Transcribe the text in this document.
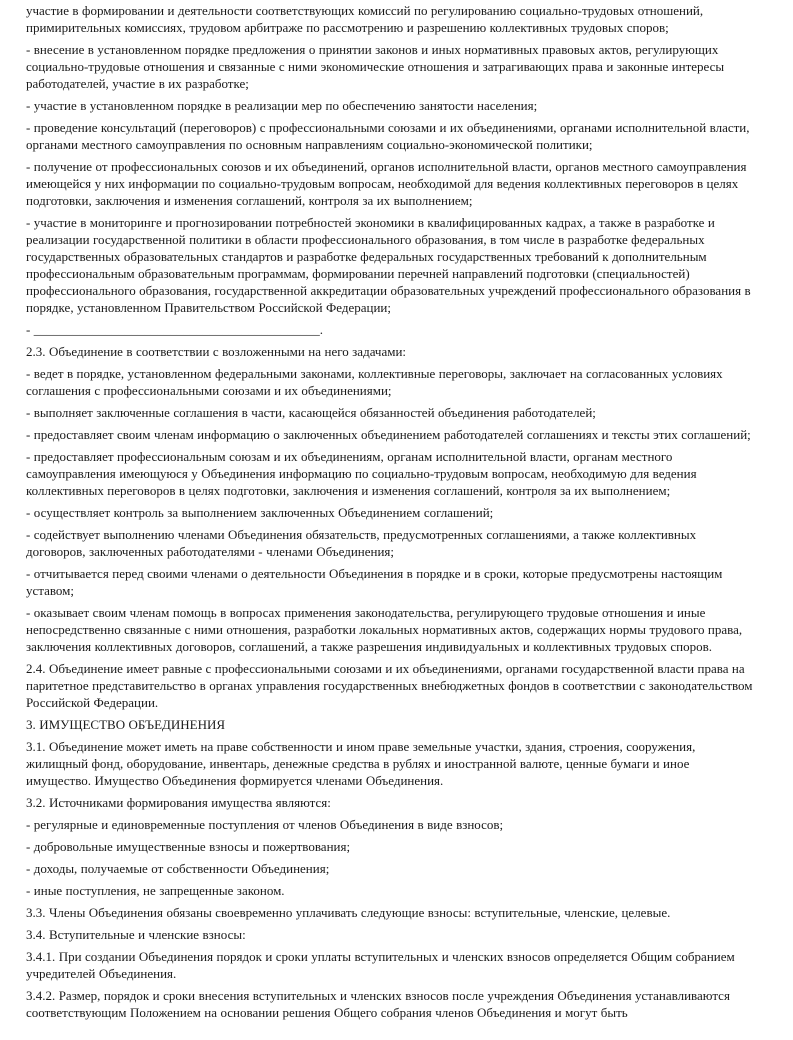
участие в формировании и деятельности соответствующих комиссий по регулированию социально-трудовых отношений, примирительных комиссиях, трудовом арбитраже по рассмотрению и разрешению коллективных трудовых споров;

- внесение в установленном порядке предложения о принятии законов и иных нормативных правовых актов, регулирующих социально-трудовые отношения и связанные с ними экономические отношения и затрагивающих права и законные интересы работодателей, участие в их разработке;

- участие в установленном порядке в реализации мер по обеспечению занятости населения;

- проведение консультаций (переговоров) с профессиональными союзами и их объединениями, органами исполнительной власти, органами местного самоуправления по основным направлениям социально-экономической политики;

- получение от профессиональных союзов и их объединений, органов исполнительной власти, органов местного самоуправления имеющейся у них информации по социально-трудовым вопросам, необходимой для ведения коллективных переговоров в целях подготовки, заключения и изменения соглашений, контроля за их выполнением;

- участие в мониторинге и прогнозировании потребностей экономики в квалифицированных кадрах, а также в разработке и реализации государственной политики в области профессионального образования, в том числе в разработке федеральных государственных образовательных стандартов и разработке федеральных государственных требований к дополнительным профессиональным образовательным программам, формировании перечней направлений подготовки (специальностей) профессионального образования, государственной аккредитации образовательных учреждений профессионального образования в порядке, установленном Правительством Российской Федерации;

- ____________________________________________.

2.3. Объединение в соответствии с возложенными на него задачами:

- ведет в порядке, установленном федеральными законами, коллективные переговоры, заключает на согласованных условиях соглашения с профессиональными союзами и их объединениями;

- выполняет заключенные соглашения в части, касающейся обязанностей объединения работодателей;

- предоставляет своим членам информацию о заключенных объединением работодателей соглашениях и тексты этих соглашений;

- предоставляет профессиональным союзам и их объединениям, органам исполнительной власти, органам местного самоуправления имеющуюся у Объединения информацию по социально-трудовым вопросам, необходимую для ведения коллективных переговоров в целях подготовки, заключения и изменения соглашений, контроля за их выполнением;

- осуществляет контроль за выполнением заключенных Объединением соглашений;

- содействует выполнению членами Объединения обязательств, предусмотренных соглашениями, а также коллективных договоров, заключенных работодателями - членами Объединения;

- отчитывается перед своими членами о деятельности Объединения в порядке и в сроки, которые предусмотрены настоящим уставом;

- оказывает своим членам помощь в вопросах применения законодательства, регулирующего трудовые отношения и иные непосредственно связанные с ними отношения, разработки локальных нормативных актов, содержащих нормы трудового права, заключения коллективных договоров, соглашений, а также разрешения индивидуальных и коллективных трудовых споров.

2.4. Объединение имеет равные с профессиональными союзами и их объединениями, органами государственной власти права на паритетное представительство в органах управления государственных внебюджетных фондов в соответствии с законодательством Российской Федерации.

3. ИМУЩЕСТВО ОБЪЕДИНЕНИЯ

3.1. Объединение может иметь на праве собственности и ином праве земельные участки, здания, строения, сооружения, жилищный фонд, оборудование, инвентарь, денежные средства в рублях и иностранной валюте, ценные бумаги и иное имущество. Имущество Объединения формируется членами Объединения.

3.2. Источниками формирования имущества являются:

- регулярные и единовременные поступления от членов Объединения в виде взносов;

- добровольные имущественные взносы и пожертвования;

- доходы, получаемые от собственности Объединения;

- иные поступления, не запрещенные законом.

3.3. Члены Объединения обязаны своевременно уплачивать следующие взносы: вступительные, членские, целевые.

3.4. Вступительные и членские взносы:

3.4.1. При создании Объединения порядок и сроки уплаты вступительных и членских взносов определяется Общим собранием учредителей Объединения.

3.4.2. Размер, порядок и сроки внесения вступительных и членских взносов после учреждения Объединения устанавливаются соответствующим Положением на основании решения Общего собрания членов Объединения и могут быть
